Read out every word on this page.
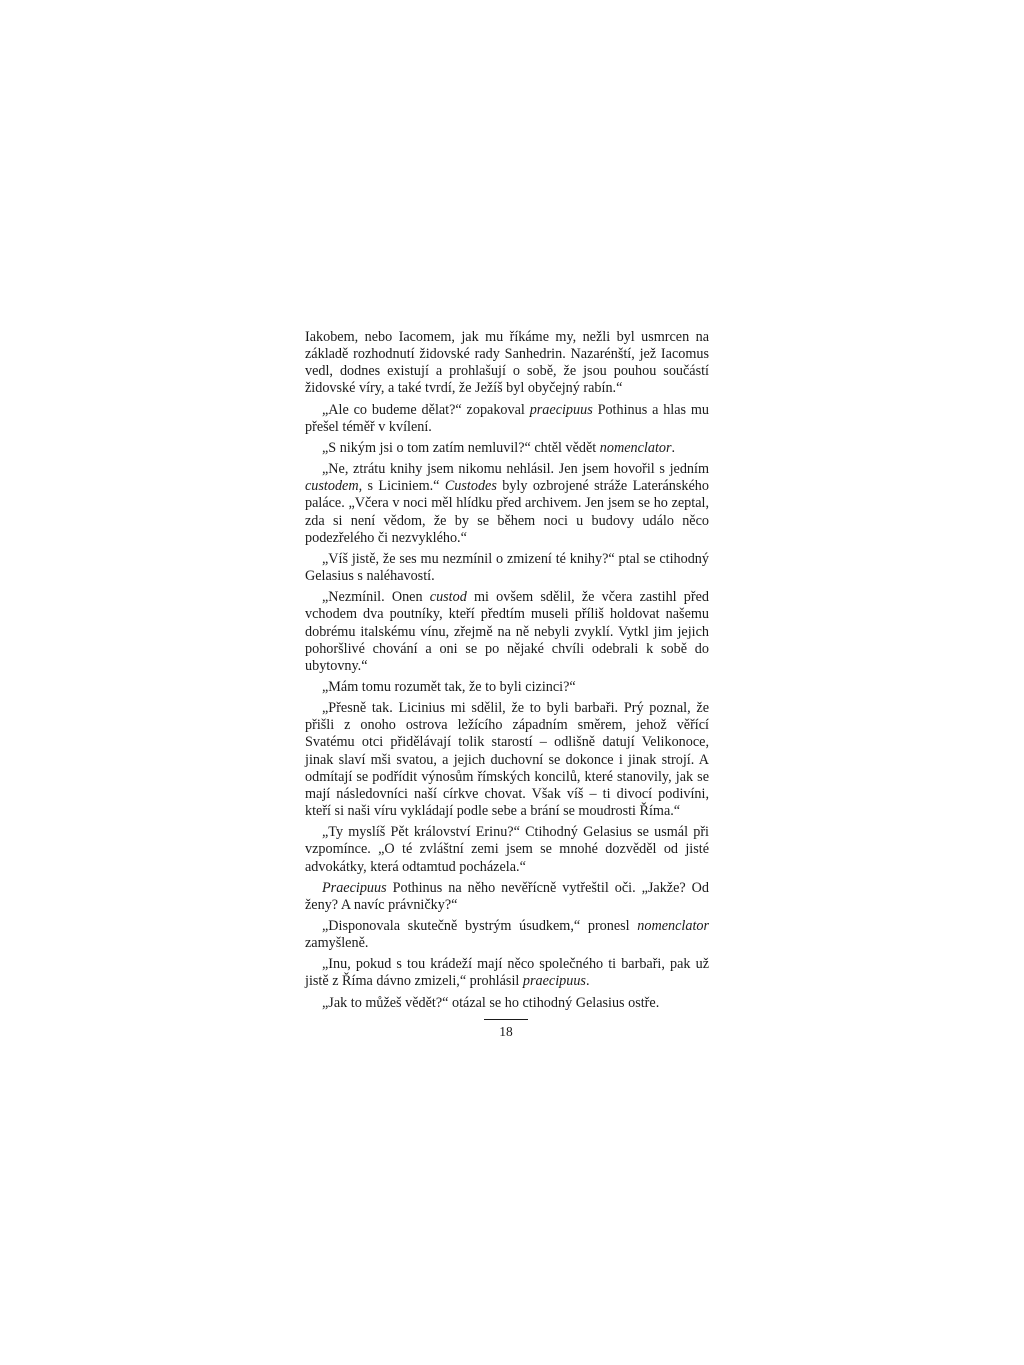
Iakobem, nebo Iacomem, jak mu říkáme my, nežli byl usmrcen na základě rozhodnutí židovské rady Sanhedrin. Nazarénští, jež Iacomus vedl, dodnes existují a prohlašují o sobě, že jsou pouhou součástí židovské víry, a také tvrdí, že Ježíš byl obyčejný rabín.“

„Ale co budeme dělat?“ zopakoval praecipuus Pothinus a hlas mu přešel téměř v kvílení.

„S nikým jsi o tom zatím nemluvil?“ chtěl vědět nomenclator.

„Ne, ztrátu knihy jsem nikomu nehlásil. Jen jsem hovořil s jedním custodem, s Liciniem.“ Custodes byly ozbrojené stráže Lateránského paláce. „Včera v noci měl hlídku před archivem. Jen jsem se ho zeptal, zda si není vědom, že by se během noci u budovy událo něco podezřelého či nezvyklého.“

„Víš jistě, že ses mu nezmínil o zmizení té knihy?“ ptal se ctihodný Gelasius s naléhavostí.

„Nezmínil. Onen custod mi ovšem sdělil, že včera zastihl před vchodem dva poutníky, kteří předtím museli příliš holdovat našemu dobrému italskému vínu, zřejmě na ně nebyli zvyklí. Vytkl jim jejich pohoršlivé chování a oni se po nějaké chvíli odebrali k sobě do ubytovny.“

„Mám tomu rozumět tak, že to byli cizinci?“

„Přesně tak. Licinius mi sdělil, že to byli barbaři. Prý poznal, že přišli z onoho ostrova ležícího západním směrem, jehož věřící Svatému otci přidělávají tolik starostí – odlišně datují Velikonoce, jinak slaví mši svatou, a jejich duchovní se dokonce i jinak strojí. A odmítají se podřídit výnosům římských koncilů, které stanovily, jak se mají následovníci naší církve chovat. Však víš – ti divocí podivíni, kteří si naši víru vykládají podle sebe a brání se moudrosti Říma.“

„Ty myslíš Pět království Erinu?“ Ctihodný Gelasius se usmál při vzpomínce. „O té zvláštní zemi jsem se mnohé dozvěděl od jisté advokátky, která odtamtud pocházela.“

Praecipuus Pothinus na něho nevěřícně vytřeštil oči. „Jakže? Od ženy? A navíc právničky?“

„Disponovala skutečně bystrým úsudkem,“ pronesl nomenclator zamyšleně.

„Inu, pokud s tou krádeží mají něco společného ti barbaři, pak už jistě z Říma dávno zmizeli,“ prohlásil praecipuus.

„Jak to můžeš vědět?“ otázal se ho ctihodný Gelasius ostře.

18
